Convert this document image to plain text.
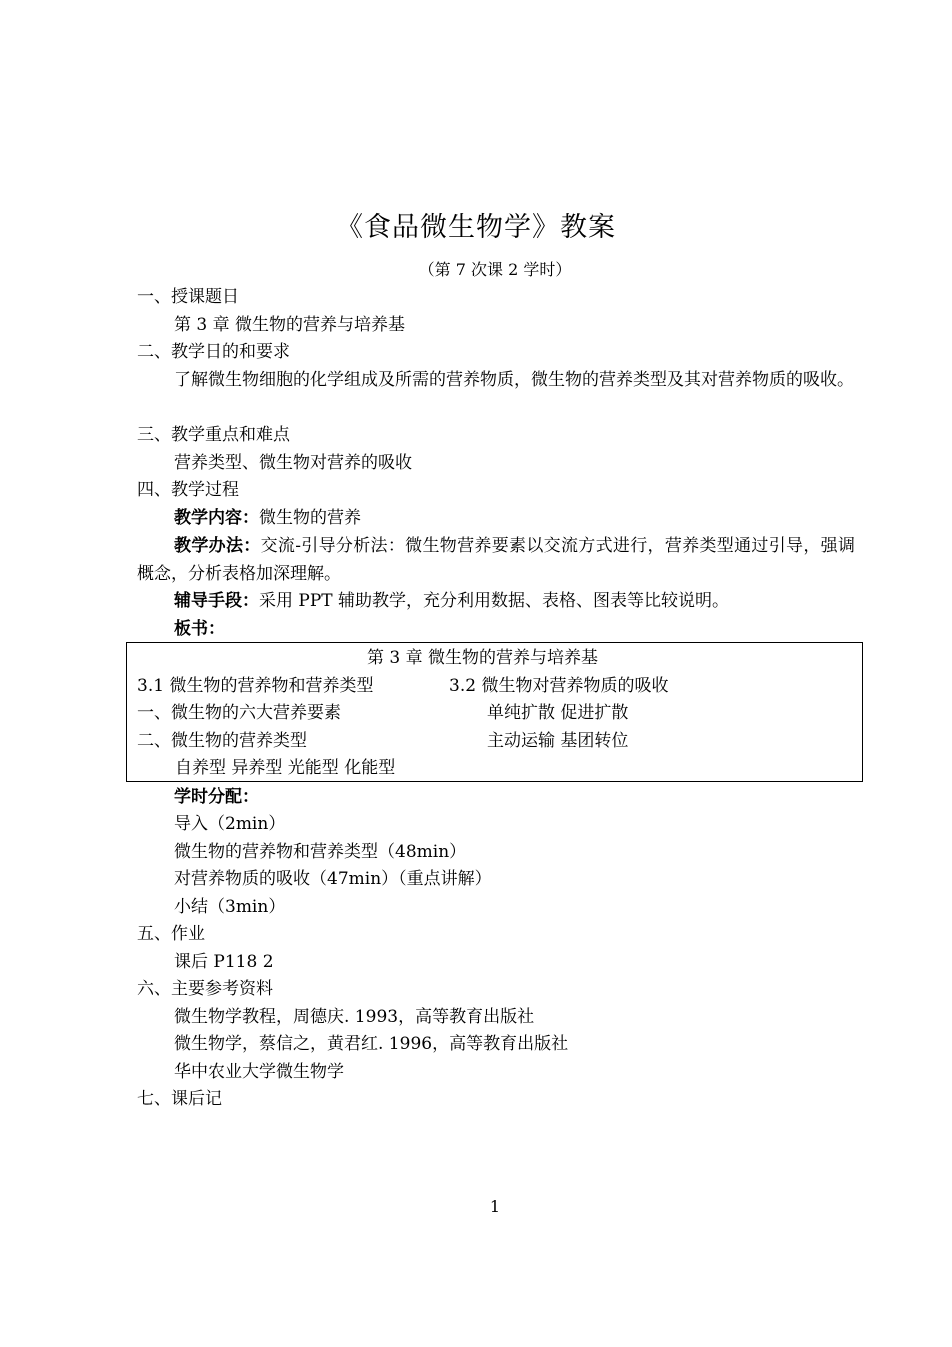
《食品微生物学》教案
（第 7 次课 2 学时）
一、授课题日
第 3 章 微生物的营养与培养基
二、教学日的和要求
了解微生物细胞的化学组成及所需的营养物质，微生物的营养类型及其对营养物质的吸收。
三、教学重点和难点
营养类型、微生物对营养的吸收
四、教学过程
教学内容：微生物的营养
教学办法：交流-引导分析法：微生物营养要素以交流方式进行，营养类型通过引导，强调概念，分析表格加深理解。
辅导手段：采用 PPT 辅助教学，充分利用数据、表格、图表等比较说明。
板书：
第 3 章 微生物的营养与培养基
3.1 微生物的营养物和营养类型	3.2 微生物对营养物质的吸收
一、微生物的六大营养要素	单纯扩散 促进扩散
二、微生物的营养类型	主动运输 基团转位
自养型 异养型 光能型 化能型
学时分配：
导入（2min）
微生物的营养物和营养类型（48min）
对营养物质的吸收（47min）（重点讲解）
小结（3min）
五、作业
课后 P118 2
六、主要参考资料
微生物学教程，周德庆. 1993，高等教育出版社
微生物学，蔡信之，黄君红. 1996，高等教育出版社
华中农业大学微生物学
七、课后记
1
